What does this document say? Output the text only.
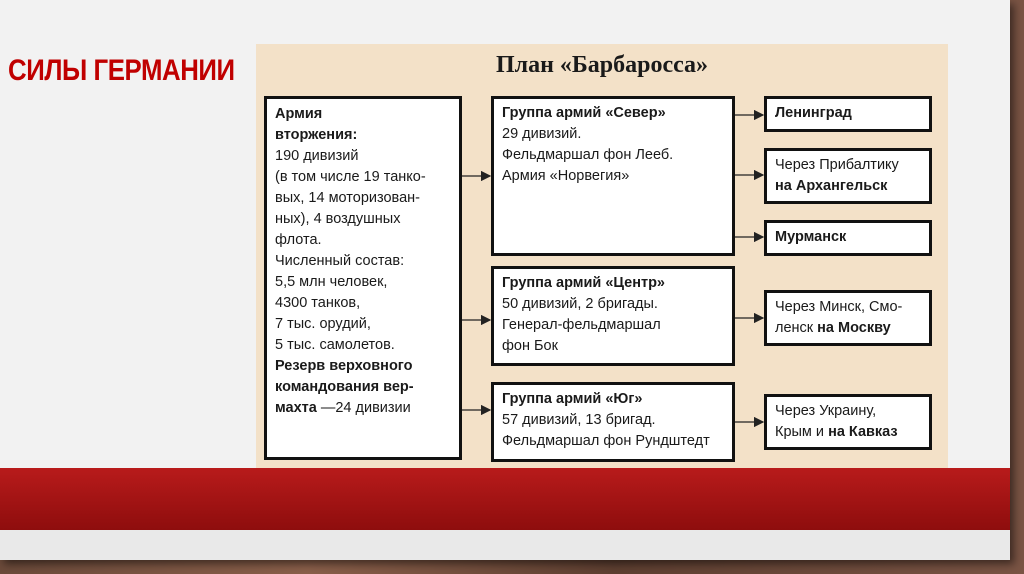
СИЛЫ ГЕРМАНИИ	План «Барбаросса»
Армия
вторжения:
190 дивизий
(в том числе 19 танко-
вых, 14 моторизован-
ных), 4 воздушных
флота.
Численный состав:
5,5 млн человек,
4300 танков,
7 тыс. орудий,
5 тыс. самолетов.
Резерв верховного
командования вер-
махта —24 дивизии
Группа армий «Север»
29 дивизий.
Фельдмаршал фон Лееб.
Армия «Норвегия»
Группа армий «Центр»
50 дивизий, 2 бригады.
Генерал-фельдмаршал
фон Бок
Группа армий «Юг»
57 дивизий, 13 бригад.
Фельдмаршал фон Рундштедт
Ленинград
Через Прибалтику
на Архангельск
Мурманск
Через Минск, Смо-
ленск на Москву
Через Украину,
Крым и на Кавказ
